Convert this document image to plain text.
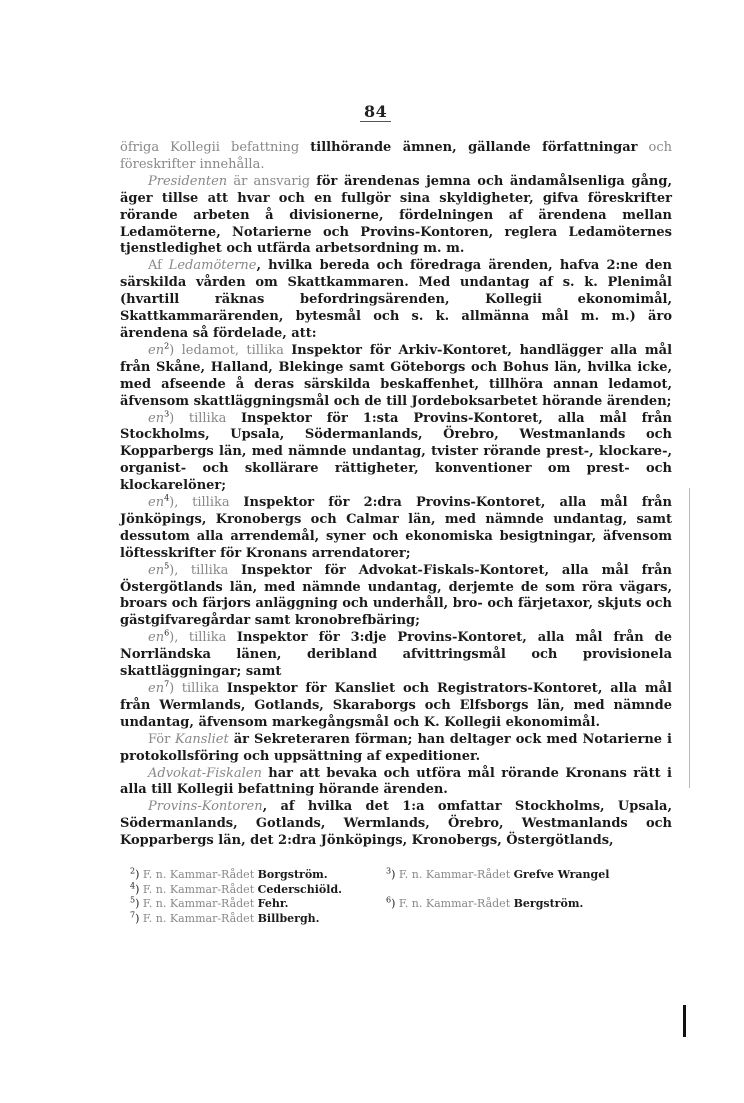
84

öfriga Kollegii befattning tillhörande ämnen, gällande författningar och föreskrifter innehålla.

Presidenten är ansvarig för ärendenas jemna och ändamålsenliga gång, äger tillse att hvar och en fullgör sina skyldigheter, gifva föreskrifter rörande arbeten å divisionerne, fördelningen af ärendena mellan Ledamöterne, Notarierne och Provins-Kontoren, reglera Ledamöternes tjenstledighet och utfärda arbetsordning m. m.

Af Ledamöterne, hvilka bereda och föredraga ärenden, hafva 2:ne den särskilda vården om Skattkammaren. Med undantag af s. k. Plenimål (hvartill räknas befordringsärenden, Kollegii ekonomimål, Skattkammarärenden, bytesmål och s. k. allmänna mål m. m.) äro ärendena så fördelade, att:

$en^2$) ledamot, tillika Inspektor för Arkiv-Kontoret, handlägger alla mål från Skåne, Halland, Blekinge samt Göteborgs och Bohus län, hvilka icke, med afseende å deras särskilda beskaffenhet, tillhöra annan ledamot, äfvensom skattläggningsmål och de till Jordeboksarbetet hörande ärenden;

$en^3$) tillika Inspektor för 1:sta Provins-Kontoret, alla mål från Stockholms, Upsala, Södermanlands, Örebro, Westmanlands och Kopparbergs län, med nämnde undantag, tvister rörande prest-, klockare-, organist- och skollärare rättigheter, konventioner om prest- och klockarelöner;

$en^4$), tillika Inspektor för 2:dra Provins-Kontoret, alla mål från Jönköpings, Kronobergs och Calmar län, med nämnde undantag, samt dessutom alla arrendemål, syner och ekonomiska besigtningar, äfvensom löftesskrifter för Kronans arrendatorer;

$en^5$), tillika Inspektor för Advokat-Fiskals-Kontoret, alla mål från Östergötlands län, med nämnde undantag, derjemte de som röra vägars, broars och färjors anläggning och underhåll, bro- och färjetaxor, skjuts och gästgifvaregårdar samt kronobrefbäring;

$en^6$), tillika Inspektor för 3:dje Provins-Kontoret, alla mål från de Norrländska länen, deribland afvittringsmål och provisionela skattläggningar; samt

$en^7$) tillika Inspektor för Kansliet och Registrators-Kontoret, alla mål från Wermlands, Gotlands, Skaraborgs och Elfsborgs län, med nämnde undantag, äfvensom markegångsmål och K. Kollegii ekonomimål.

För Kansliet är Sekreteraren förman; han deltager ock med Notarierne i protokollsföring och uppsättning af expeditioner.

Advokat-Fiskalen har att bevaka och utföra mål rörande Kronans rätt i alla till Kollegii befattning hörande ärenden.

Provins-Kontoren, af hvilka det 1:a omfattar Stockholms, Upsala, Södermanlands, Gotlands, Wermlands, Örebro, Westmanlands och Kopparbergs län, det 2:dra Jönköpings, Kronobergs, Östergötlands,

$^2$) F. n. Kammar-Rådet Borgström.	$^3$) F. n. Kammar-Rådet Grefve Wrangel
$^4$) F. n. Kammar-Rådet Cederschiöld.
$^5$) F. n. Kammar-Rådet Fehr.	$^6$) F. n. Kammar-Rådet Bergström.
$^7$) F. n. Kammar-Rådet Billbergh.
